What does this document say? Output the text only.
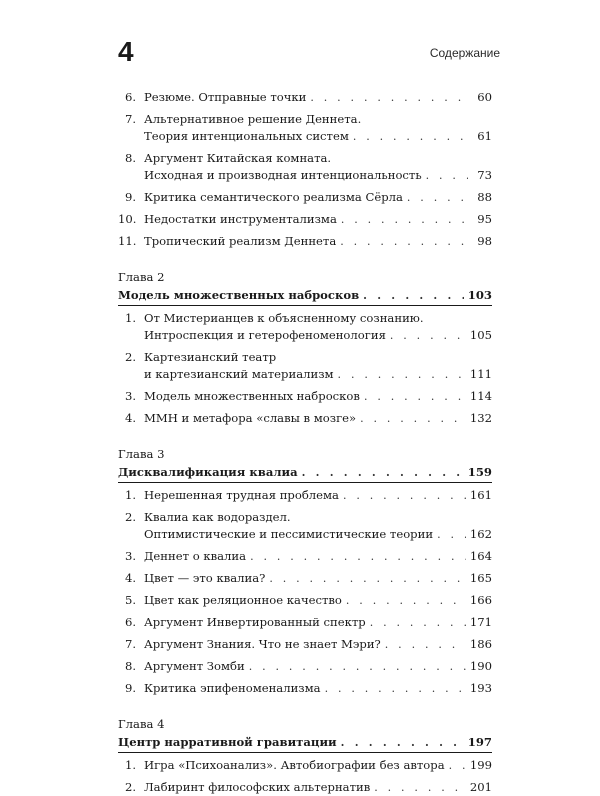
4	Содержание
6. Резюме. Отправные точки . . .	60
7. Альтернативное решение Деннета.
Теория интенциональных систем . . .	61
8. Аргумент Китайская комната.
Исходная и производная интенциональность . . .	73
9. Критика семантического реализма Сёрла . . .	88
10. Недостатки инструментализма . . .	95
11. Тропический реализм Деннета . . .	98
Глава 2
Модель множественных набросков . . .	103
1. От Мистерианцев к объясненному сознанию.
Интроспекция и гетерофеноменология . . .	105
2. Картезианский театр
и картезианский материализм . . .	111
3. Модель множественных набросков . . .	114
4. ММН и метафора «славы в мозге» . . .	132
Глава 3
Дисквалификация квалиа . . .	159
1. Нерешенная трудная проблема . . .	161
2. Квалиа как водораздел.
Оптимистические и пессимистические теории . . .	162
3. Деннет о квалиа . . .	164
4. Цвет — это квалиа? . . .	165
5. Цвет как реляционное качество . . .	166
6. Аргумент Инвертированный спектр . . .	171
7. Аргумент Знания. Что не знает Мэри? . . .	186
8. Аргумент Зомби . . .	190
9. Критика эпифеноменализма . . .	193
Глава 4
Центр нарративной гравитации . . .	197
1. Игра «Психоанализ». Автобиографии без автора . . . 199
2. Лабиринт философских альтернатив . . .	201
